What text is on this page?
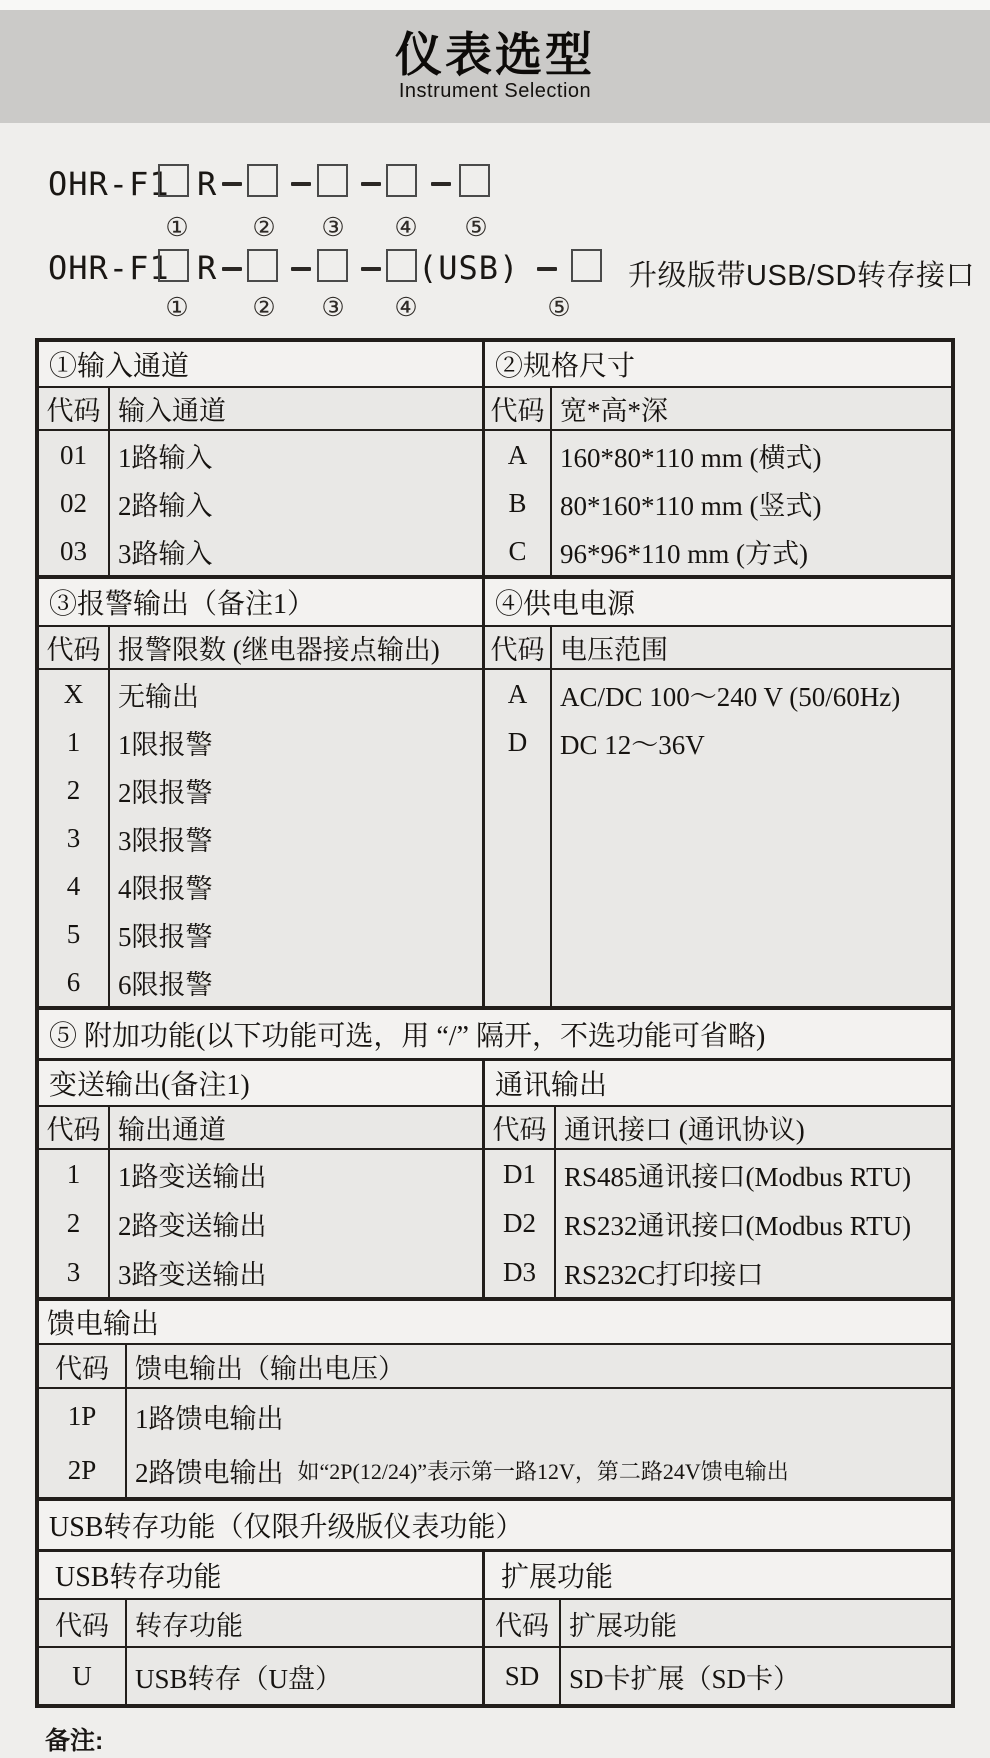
仪表选型
Instrument Selection
OHR-F1 R
OHR-F1 R	(USB)	升级版带USB/SD转存接口
① ② ③ ④ ⑤
① ② ③ ④	⑤
①输入通道	②规格尺寸
代码 输入通道	代码 宽*高*深
01	1路输入
02	2路输入
03	3路输入
A	160*80*110 mm (横式)
B	80*160*110 mm (竖式)
C	96*96*110 mm (方式)
③报警输出（备注1）	④供电电源
代码 报警限数 (继电器接点输出)	代码 电压范围
X	无输出
1	1限报警
2	2限报警
3	3限报警
4	4限报警
5	5限报警
6	6限报警
A	AC/DC 100～240 V (50/60Hz)
D	DC 12～36V
⑤ 附加功能(以下功能可选，用 “/” 隔开，不选功能可省略)
变送输出(备注1)	通讯输出
代码 输出通道	代码 通讯接口 (通讯协议)
1	1路变送输出
2	2路变送输出
3	3路变送输出
D1	RS485通讯接口(Modbus RTU)
D2	RS232通讯接口(Modbus RTU)
D3	RS232C打印接口
馈电输出
代码 馈电输出（输出电压）
1P	1路馈电输出
2P	2路馈电输出 如“2P(12/24)”表示第一路12V，第二路24V馈电输出
USB转存功能（仅限升级版仪表功能）
USB转存功能	扩展功能
代码 转存功能	代码 扩展功能
U	USB转存（U盘）	SD	SD卡扩展（SD卡）
备注:
